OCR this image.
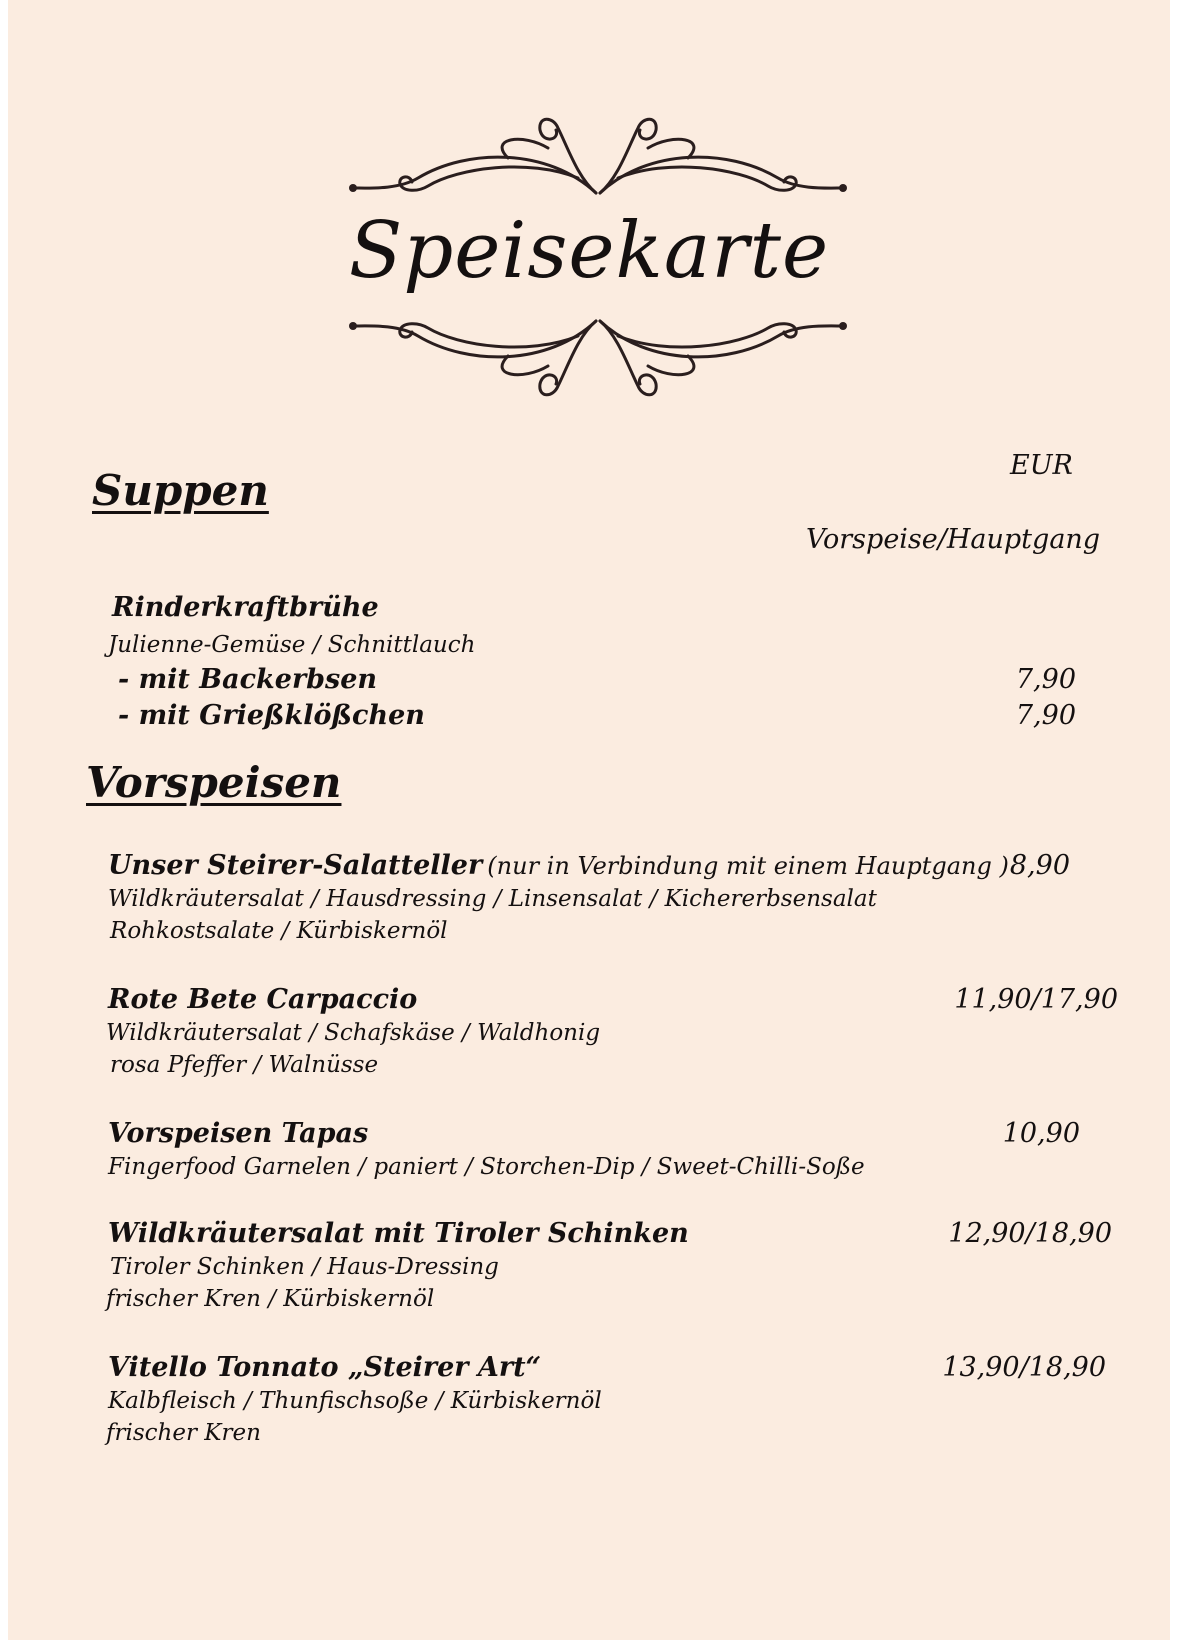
Speisekarte
EUR
Vorspeise/Hauptgang
Suppen
Rinderkraftbrühe
Julienne-Gemüse / Schnittlauch
- mit Backerbsen	7,90
- mit Grießklößchen	7,90
Vorspeisen
Unser Steirer-Salatteller (nur in Verbindung mit einem Hauptgang ) 8,90
Wildkräutersalat / Hausdressing / Linsensalat / Kichererbsensalat
Rohkostsalate / Kürbiskernöl
Rote Bete Carpaccio	11,90/17,90
Wildkräutersalat / Schafskäse / Waldhonig
rosa Pfeffer / Walnüsse
Vorspeisen Tapas	10,90
Fingerfood Garnelen / paniert / Storchen-Dip / Sweet-Chilli-Soße
Wildkräutersalat mit Tiroler Schinken	12,90/18,90
Tiroler Schinken / Haus-Dressing
frischer Kren / Kürbiskernöl
Vitello Tonnato „Steirer Art“	13,90/18,90
Kalbfleisch / Thunfischsoße / Kürbiskernöl
frischer Kren
